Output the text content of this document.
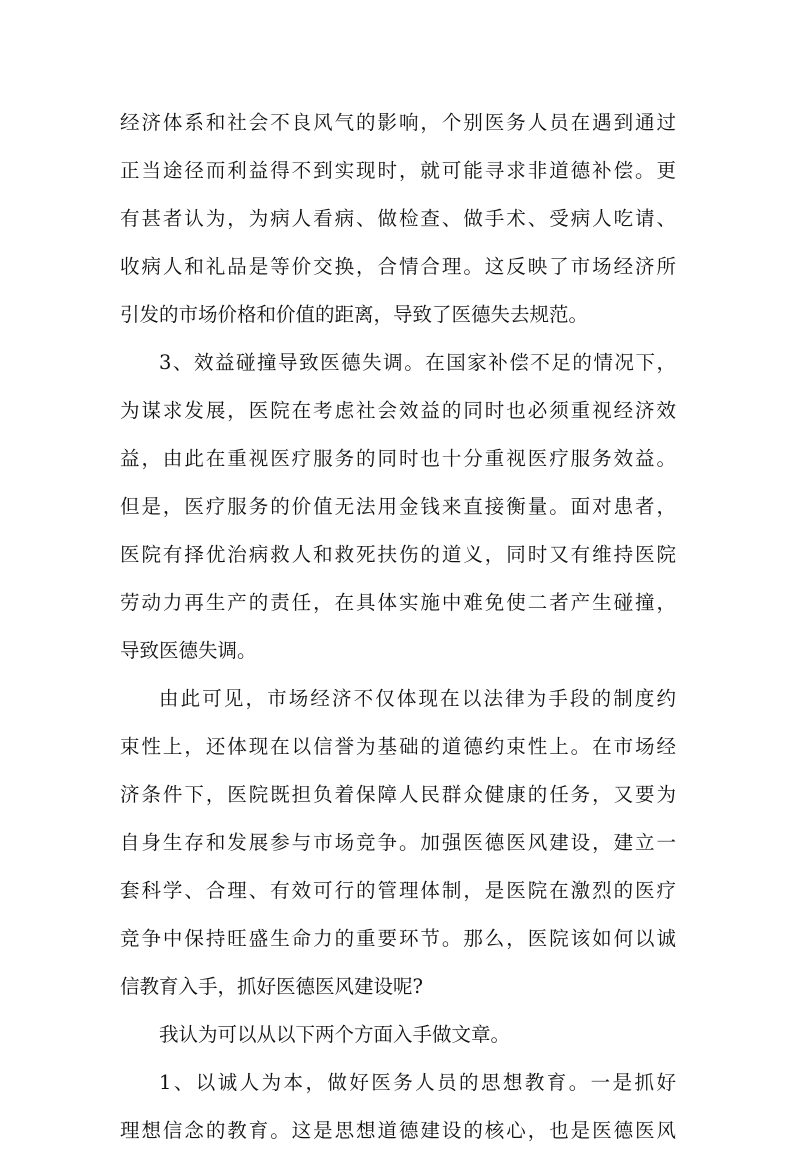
经济体系和社会不良风气的影响，个别医务人员在遇到通过
正当途径而利益得不到实现时，就可能寻求非道德补偿。更
有甚者认为，为病人看病、做检查、做手术、受病人吃请、
收病人和礼品是等价交换，合情合理。这反映了市场经济所
引发的市场价格和价值的距离，导致了医德失去规范。
3、效益碰撞导致医德失调。在国家补偿不足的情况下，
为谋求发展，医院在考虑社会效益的同时也必须重视经济效
益，由此在重视医疗服务的同时也十分重视医疗服务效益。
但是，医疗服务的价值无法用金钱来直接衡量。面对患者，
医院有择优治病救人和救死扶伤的道义，同时又有维持医院
劳动力再生产的责任，在具体实施中难免使二者产生碰撞，
导致医德失调。
由此可见，市场经济不仅体现在以法律为手段的制度约
束性上，还体现在以信誉为基础的道德约束性上。在市场经
济条件下，医院既担负着保障人民群众健康的任务，又要为
自身生存和发展参与市场竞争。加强医德医风建设，建立一
套科学、合理、有效可行的管理体制，是医院在激烈的医疗
竞争中保持旺盛生命力的重要环节。那么，医院该如何以诚
信教育入手，抓好医德医风建设呢?
我认为可以从以下两个方面入手做文章。
1、以诚人为本，做好医务人员的思想教育。一是抓好
理想信念的教育。这是思想道德建设的核心，也是医德医风
